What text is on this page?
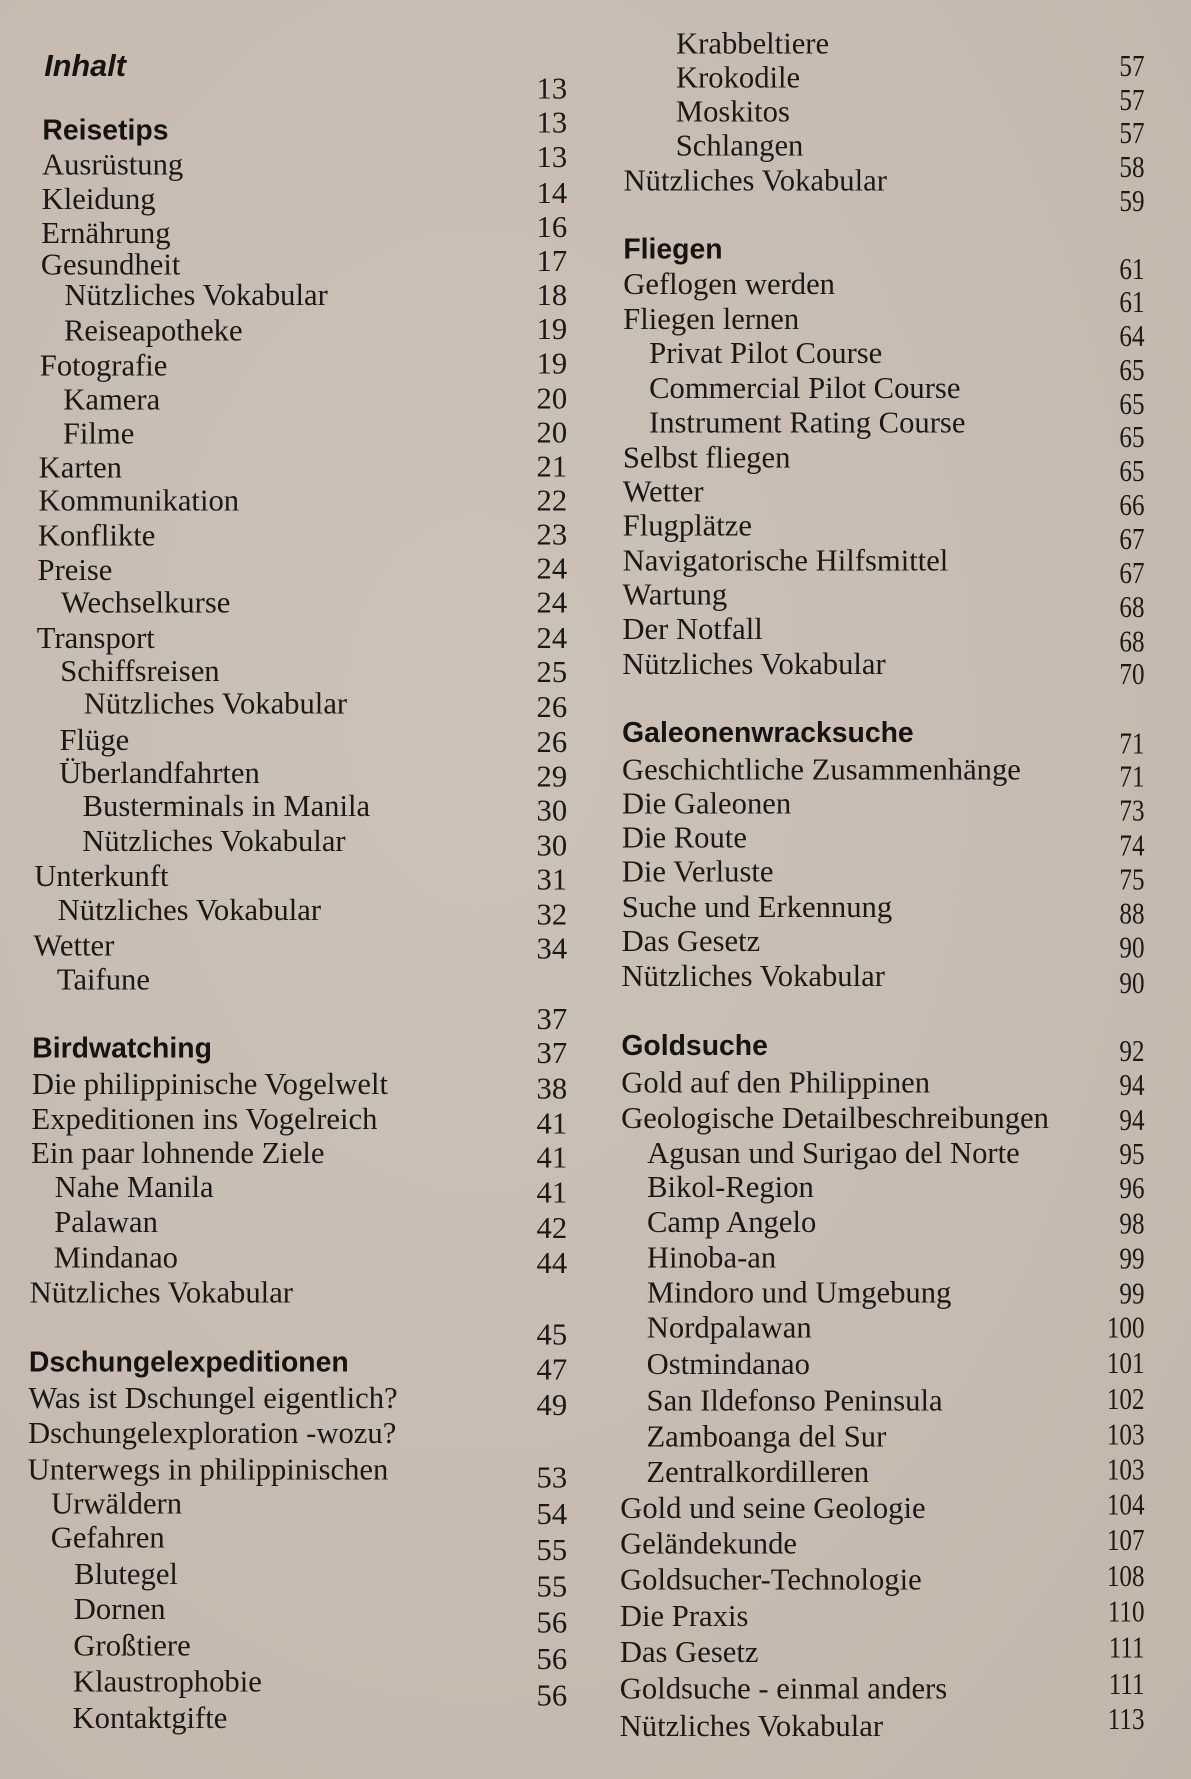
Inhalt
Reisetips
Ausrüstung
Kleidung
Ernährung
Gesundheit
Nützliches Vokabular
Reiseapotheke
Fotografie
Kamera
Filme
Karten
Kommunikation
Konflikte
Preise
Wechselkurse
Transport
Schiffsreisen
Nützliches Vokabular
Flüge
Überlandfahrten
Busterminals in Manila
Nützliches Vokabular
Unterkunft
Nützliches Vokabular
Wetter
Taifune
Birdwatching
Die philippinische Vogelwelt
Expeditionen ins Vogelreich
Ein paar lohnende Ziele
Nahe Manila
Palawan
Mindanao
Nützliches Vokabular
Dschungelexpeditionen
Was ist Dschungel eigentlich?
Dschungelexploration -wozu?
Unterwegs in philippinischen
Urwäldern
Gefahren
Blutegel
Dornen
Großtiere
Klaustrophobie
Kontaktgifte
13
13
13
14
16
17
18
19
19
20
20
21
22
23
24
24
24
25
26
26
29
30
30
31
32
34
37
37
38
41
41
41
42
44
45
47
49
53
54
55
55
56
56
56
Krabbeltiere
Krokodile
Moskitos
Schlangen
Nützliches Vokabular
Fliegen
Geflogen werden
Fliegen lernen
Privat Pilot Course
Commercial Pilot Course
Instrument Rating Course
Selbst fliegen
Wetter
Flugplätze
Navigatorische Hilfsmittel
Wartung
Der Notfall
Nützliches Vokabular
Galeonenwracksuche
Geschichtliche Zusammenhänge
Die Galeonen
Die Route
Die Verluste
Suche und Erkennung
Das Gesetz
Nützliches Vokabular
Goldsuche
Gold auf den Philippinen
Geologische Detailbeschreibungen
Agusan und Surigao del Norte
Bikol-Region
Camp Angelo
Hinoba-an
Mindoro und Umgebung
Nordpalawan
Ostmindanao
San Ildefonso Peninsula
Zamboanga del Sur
Zentralkordilleren
Gold und seine Geologie
Geländekunde
Goldsucher-Technologie
Die Praxis
Das Gesetz
Goldsuche - einmal anders
Nützliches Vokabular
57
57
57
58
59
61
61
64
65
65
65
65
66
67
67
68
68
70
71
71
73
74
75
88
90
90
92
94
94
95
96
98
99
99
100
101
102
103
103
104
107
108
110
111
111
113
